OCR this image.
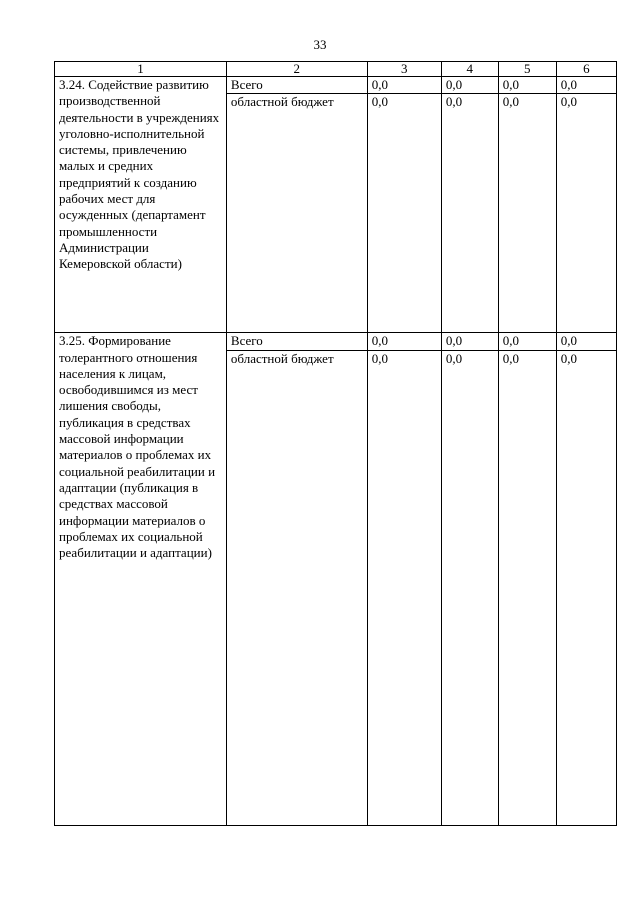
33
1	2	3	4	5	6
3.24. Содействие развитию производственной деятельности в учреждениях уголовно-исполнительной системы, привлечению малых и средних предприятий к созданию рабочих мест для осужденных (департамент промышленности Администрации Кемеровской области)	Всего	0,0	0,0	0,0	0,0
	областной бюджет	0,0	0,0	0,0	0,0
3.25. Формирование толерантного отношения населения к лицам, освободившимся из мест лишения свободы, публикация в средствах массовой информации материалов о проблемах их социальной реабилитации и адаптации (публикация в средствах массовой информации материалов о проблемах их социальной реабилитации и адаптации)	Всего	0,0	0,0	0,0	0,0
	областной бюджет	0,0	0,0	0,0	0,0
